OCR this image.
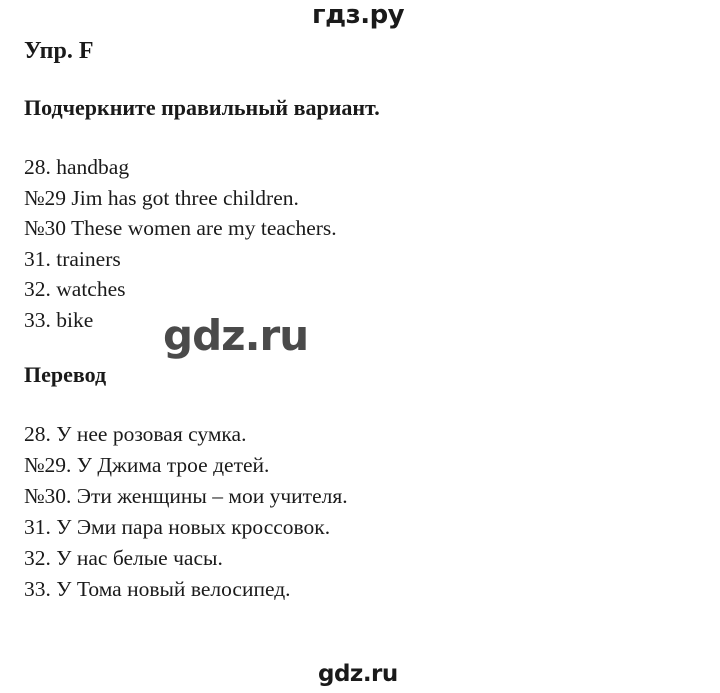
гдз.ру
Упр. F
Подчеркните правильный вариант.
28. handbag
№29 Jim has got three children.
№30 These women are my teachers.
31. trainers
32. watches
33. bike
Перевод
28. У нее розовая сумка.
№29. У Джима трое детей.
№30. Эти женщины – мои учителя.
31. У Эми пара новых кроссовок.
32. У нас белые часы.
33. У Тома новый велосипед.
gdz.ru
gdz.ru
